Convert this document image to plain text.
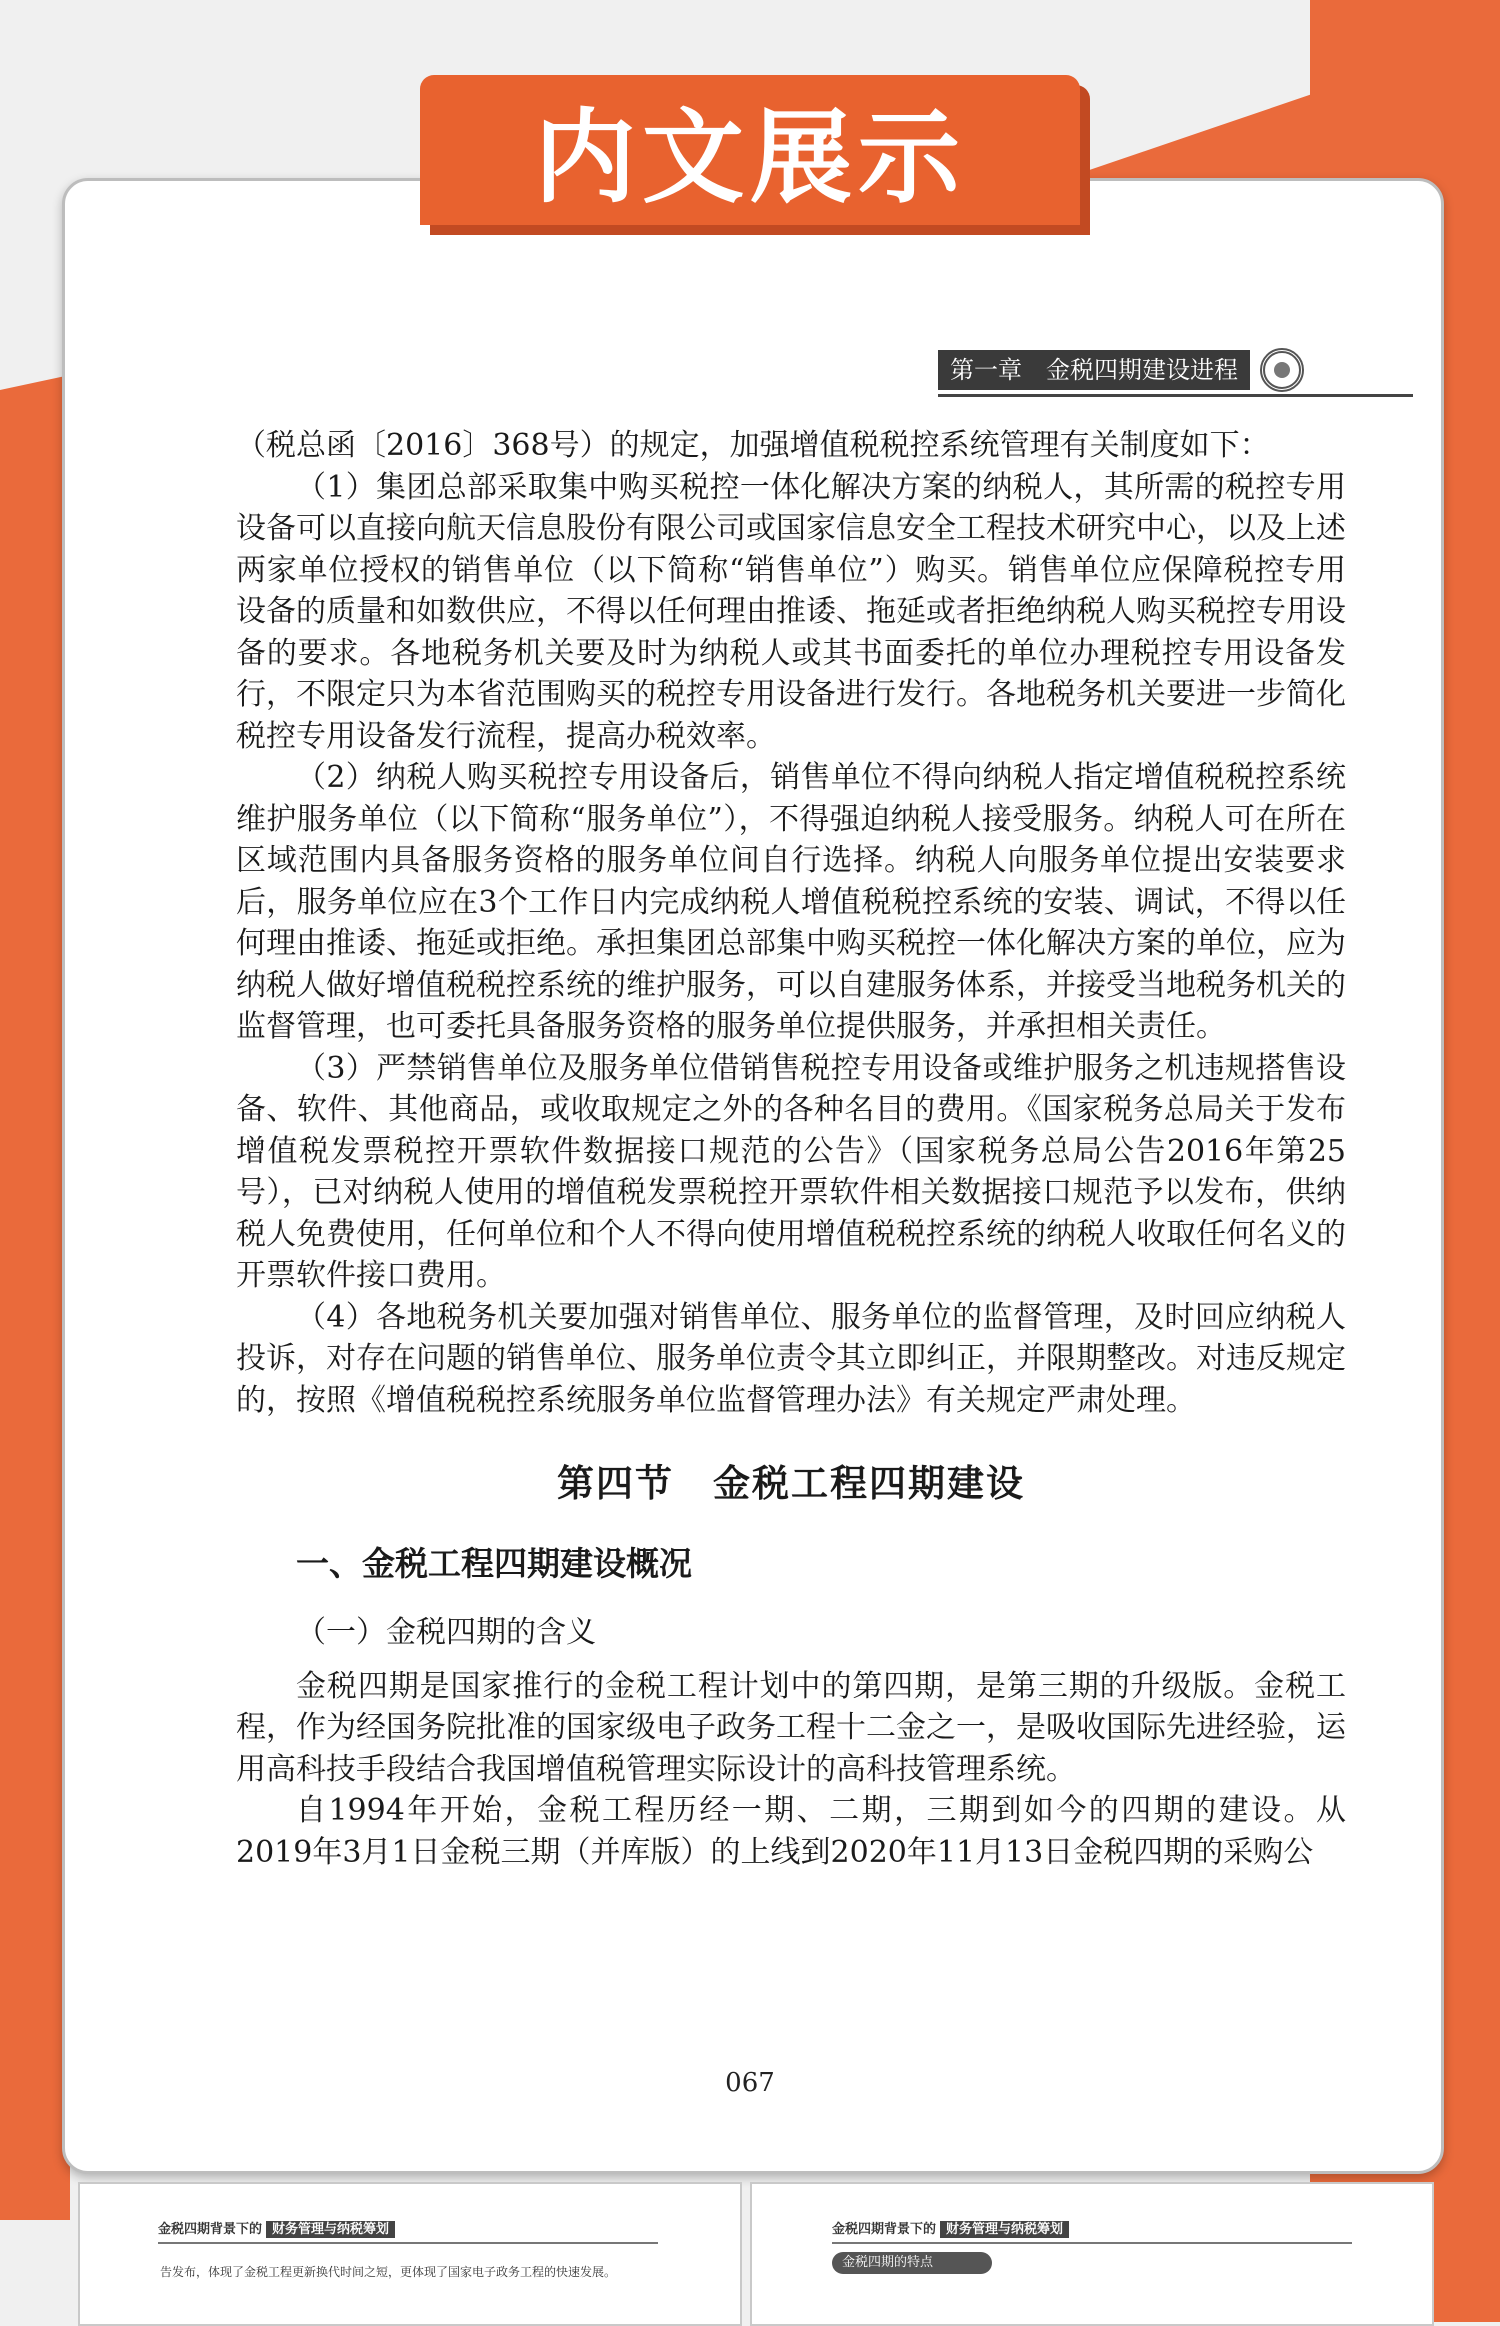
内文展示
第一章　金税四期建设进程

（税总函〔2016〕368号）的规定，加强增值税税控系统管理有关制度如下：

（1）集团总部采取集中购买税控一体化解决方案的纳税人，其所需的税控专用设备可以直接向航天信息股份有限公司或国家信息安全工程技术研究中心，以及上述两家单位授权的销售单位（以下简称“销售单位”）购买。销售单位应保障税控专用设备的质量和如数供应，不得以任何理由推诿、拖延或者拒绝纳税人购买税控专用设备的要求。各地税务机关要及时为纳税人或其书面委托的单位办理税控专用设备发行，不限定只为本省范围购买的税控专用设备进行发行。各地税务机关要进一步简化税控专用设备发行流程，提高办税效率。

（2）纳税人购买税控专用设备后，销售单位不得向纳税人指定增值税税控系统维护服务单位（以下简称“服务单位”），不得强迫纳税人接受服务。纳税人可在所在区域范围内具备服务资格的服务单位间自行选择。纳税人向服务单位提出安装要求后，服务单位应在3个工作日内完成纳税人增值税税控系统的安装、调试，不得以任何理由推诿、拖延或拒绝。承担集团总部集中购买税控一体化解决方案的单位，应为纳税人做好增值税税控系统的维护服务，可以自建服务体系，并接受当地税务机关的监督管理，也可委托具备服务资格的服务单位提供服务，并承担相关责任。

（3）严禁销售单位及服务单位借销售税控专用设备或维护服务之机违规搭售设备、软件、其他商品，或收取规定之外的各种名目的费用。《国家税务总局关于发布增值税发票税控开票软件数据接口规范的公告》（国家税务总局公告2016年第25号），已对纳税人使用的增值税发票税控开票软件相关数据接口规范予以发布，供纳税人免费使用，任何单位和个人不得向使用增值税税控系统的纳税人收取任何名义的开票软件接口费用。

（4）各地税务机关要加强对销售单位、服务单位的监督管理，及时回应纳税人投诉，对存在问题的销售单位、服务单位责令其立即纠正，并限期整改。对违反规定的，按照《增值税税控系统服务单位监督管理办法》有关规定严肃处理。

第四节　金税工程四期建设

一、金税工程四期建设概况

（一）金税四期的含义

金税四期是国家推行的金税工程计划中的第四期，是第三期的升级版。金税工程，作为经国务院批准的国家级电子政务工程十二金之一，是吸收国际先进经验，运用高科技手段结合我国增值税管理实际设计的高科技管理系统。

自1994年开始，金税工程历经一期、二期，三期到如今的四期的建设。从2019年3月1日金税三期（并库版）的上线到2020年11月13日金税四期的采购公

067
金税四期背景下的 财务管理与纳税筹划
告发布，体现了金税工程更新换代时间之短，更体现了国家电子政务工程的快速发展。
金税四期背景下的 财务管理与纳税筹划
金税四期的特点
